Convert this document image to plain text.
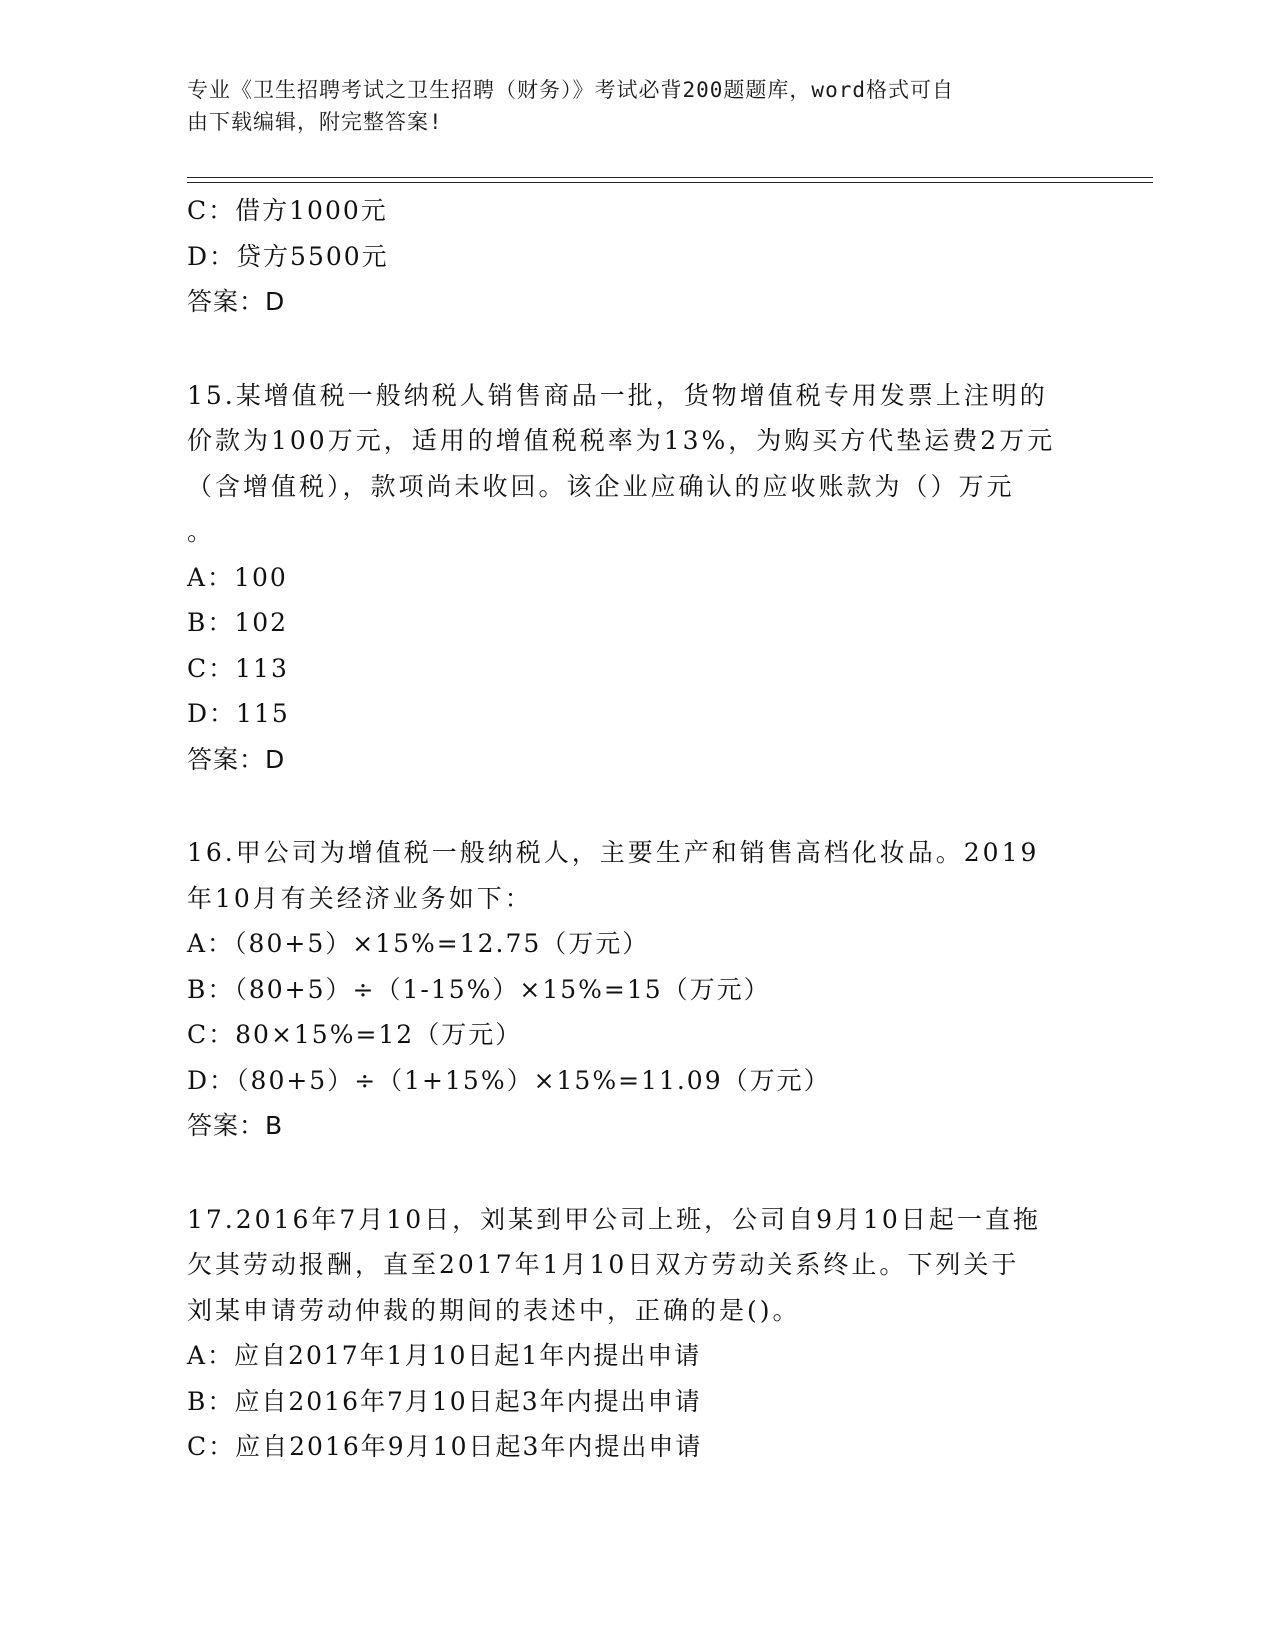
专业《卫生招聘考试之卫生招聘（财务）》考试必背200题题库，word格式可自
由下载编辑，附完整答案!
C：借方1000元
D：贷方5500元
答案：D
15.某增值税一般纳税人销售商品一批，货物增值税专用发票上注明的
价款为100万元，适用的增值税税率为13%，为购买方代垫运费2万元
（含增值税），款项尚未收回。该企业应确认的应收账款为（）万元
。
A：100
B：102
C：113
D：115
答案：D
16.甲公司为增值税一般纳税人，主要生产和销售高档化妆品。2019
年10月有关经济业务如下：
A：（80+5）×15%=12.75（万元）
B：（80+5）÷（1-15%）×15%=15（万元）
C：80×15%=12（万元）
D：（80+5）÷（1+15%）×15%=11.09（万元）
答案：B
17.2016年7月10日，刘某到甲公司上班，公司自9月10日起一直拖
欠其劳动报酬，直至2017年1月10日双方劳动关系终止。下列关于
刘某申请劳动仲裁的期间的表述中，正确的是()。
A：应自2017年1月10日起1年内提出申请
B：应自2016年7月10日起3年内提出申请
C：应自2016年9月10日起3年内提出申请
